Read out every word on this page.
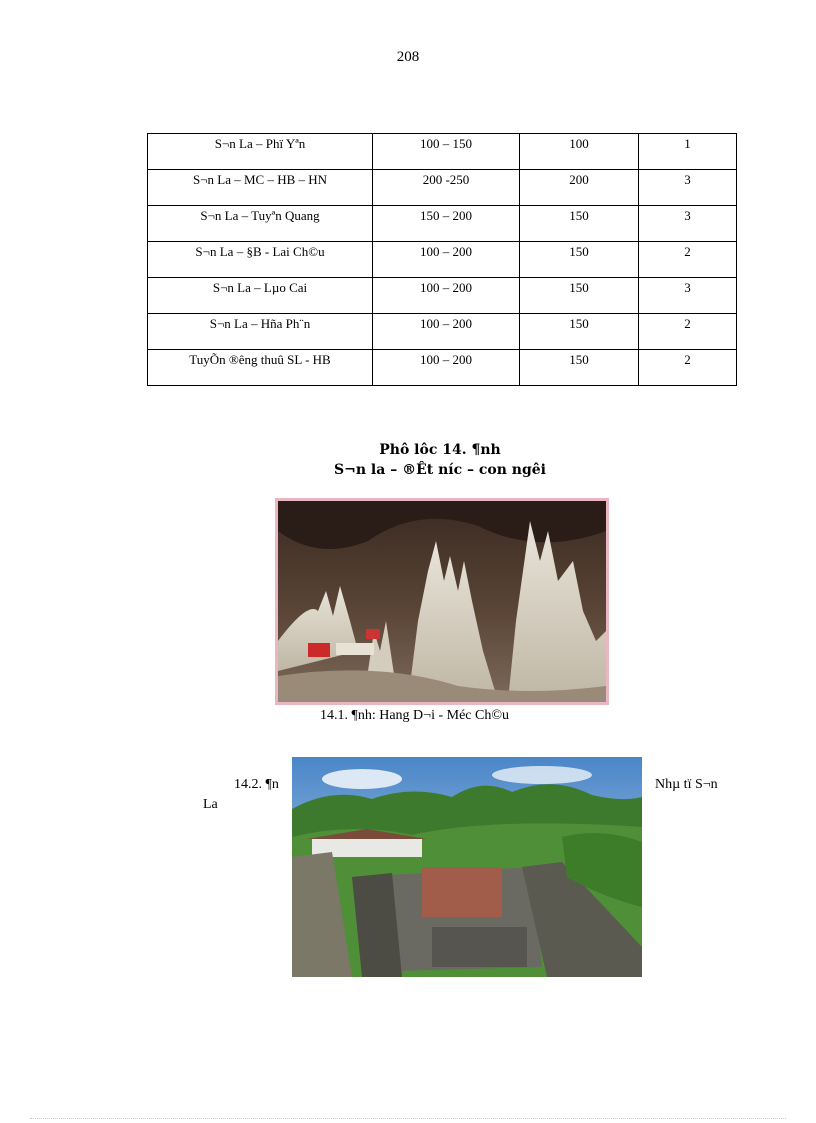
208
S¬n La – Phï Yªn	100 – 150	100	1
S¬n La – MC – HB – HN	200 -250	200	3
S¬n La – Tuyªn Quang	150 – 200	150	3
S¬n La – §B - Lai Ch©u	100 – 200	150	2
S¬n La – Lµo Cai	100 – 200	150	3
S¬n La – Hña Ph¨n	100 – 200	150	2
TuyÕn ®êng thuû SL - HB	100 – 200	150	2
Phô lôc 14. ¶nh
S¬n la – ®Êt níc – con ngêi
14.1. ¶nh: Hang D¬i - Méc Ch©u
14.2. ¶n
La
Nhµ tï S¬n
